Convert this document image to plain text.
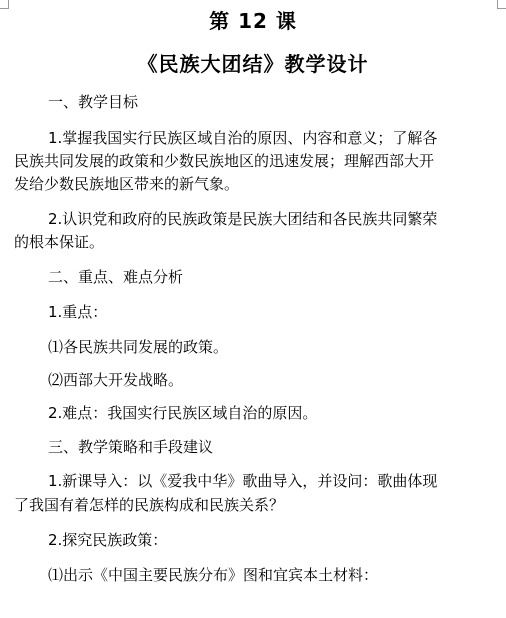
第 12 课
《民族大团结》教学设计
一、教学目标
1.掌握我国实行民族区域自治的原因、内容和意义；了解各
民族共同发展的政策和少数民族地区的迅速发展；理解西部大开
发给少数民族地区带来的新气象。
2.认识党和政府的民族政策是民族大团结和各民族共同繁荣
的根本保证。
二、重点、难点分析
1.重点：
⑴各民族共同发展的政策。
⑵西部大开发战略。
2.难点：我国实行民族区域自治的原因。
三、教学策略和手段建议
1.新课导入：以《爱我中华》歌曲导入，并设问：歌曲体现
了我国有着怎样的民族构成和民族关系？
2.探究民族政策：
⑴出示《中国主要民族分布》图和宜宾本土材料：
